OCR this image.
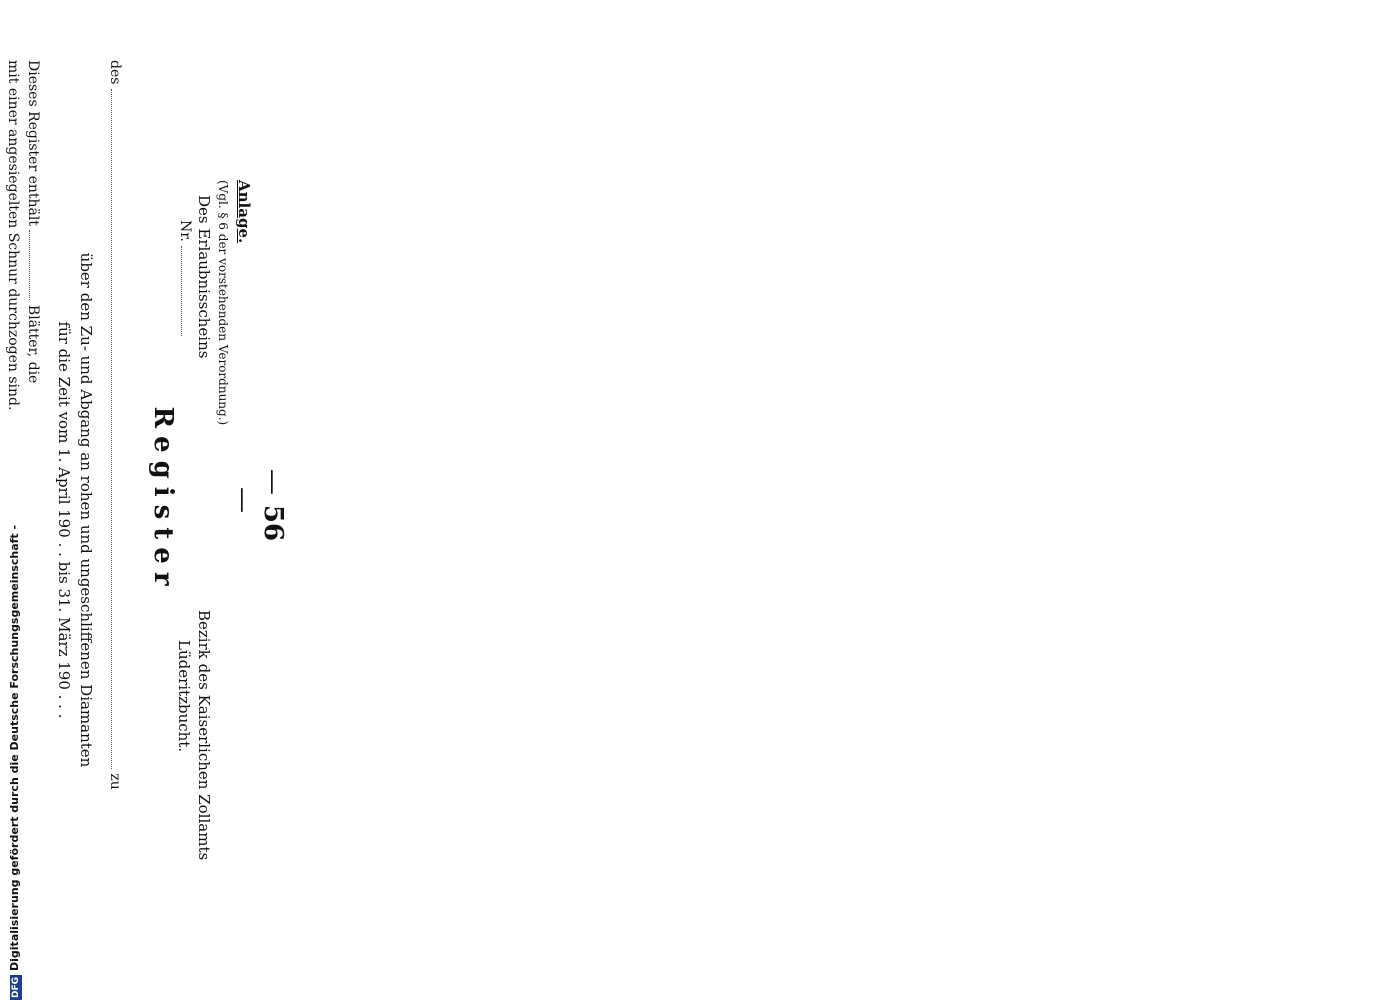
—56—
Anlage.
(Vgl. § 6 der vorstehenden Verordnung.)
Des Erlaubnisscheins
Nr.
Bezirk des Kaiserlichen Zollamts
Lüderitzbucht.
Register
des  zu
über den Zu- und Abgang an rohen und ungeschliffenen Diamanten
für die Zeit vom 1. April 190 . . bis 31. März 190 . . .
Dieses Register enthält  Blätter, die
mit einer angesiegelten Schnur durchzogen sind.

DFGDigitalisierung gefördert durch die Deutsche Forschungsgemeinschaft -
